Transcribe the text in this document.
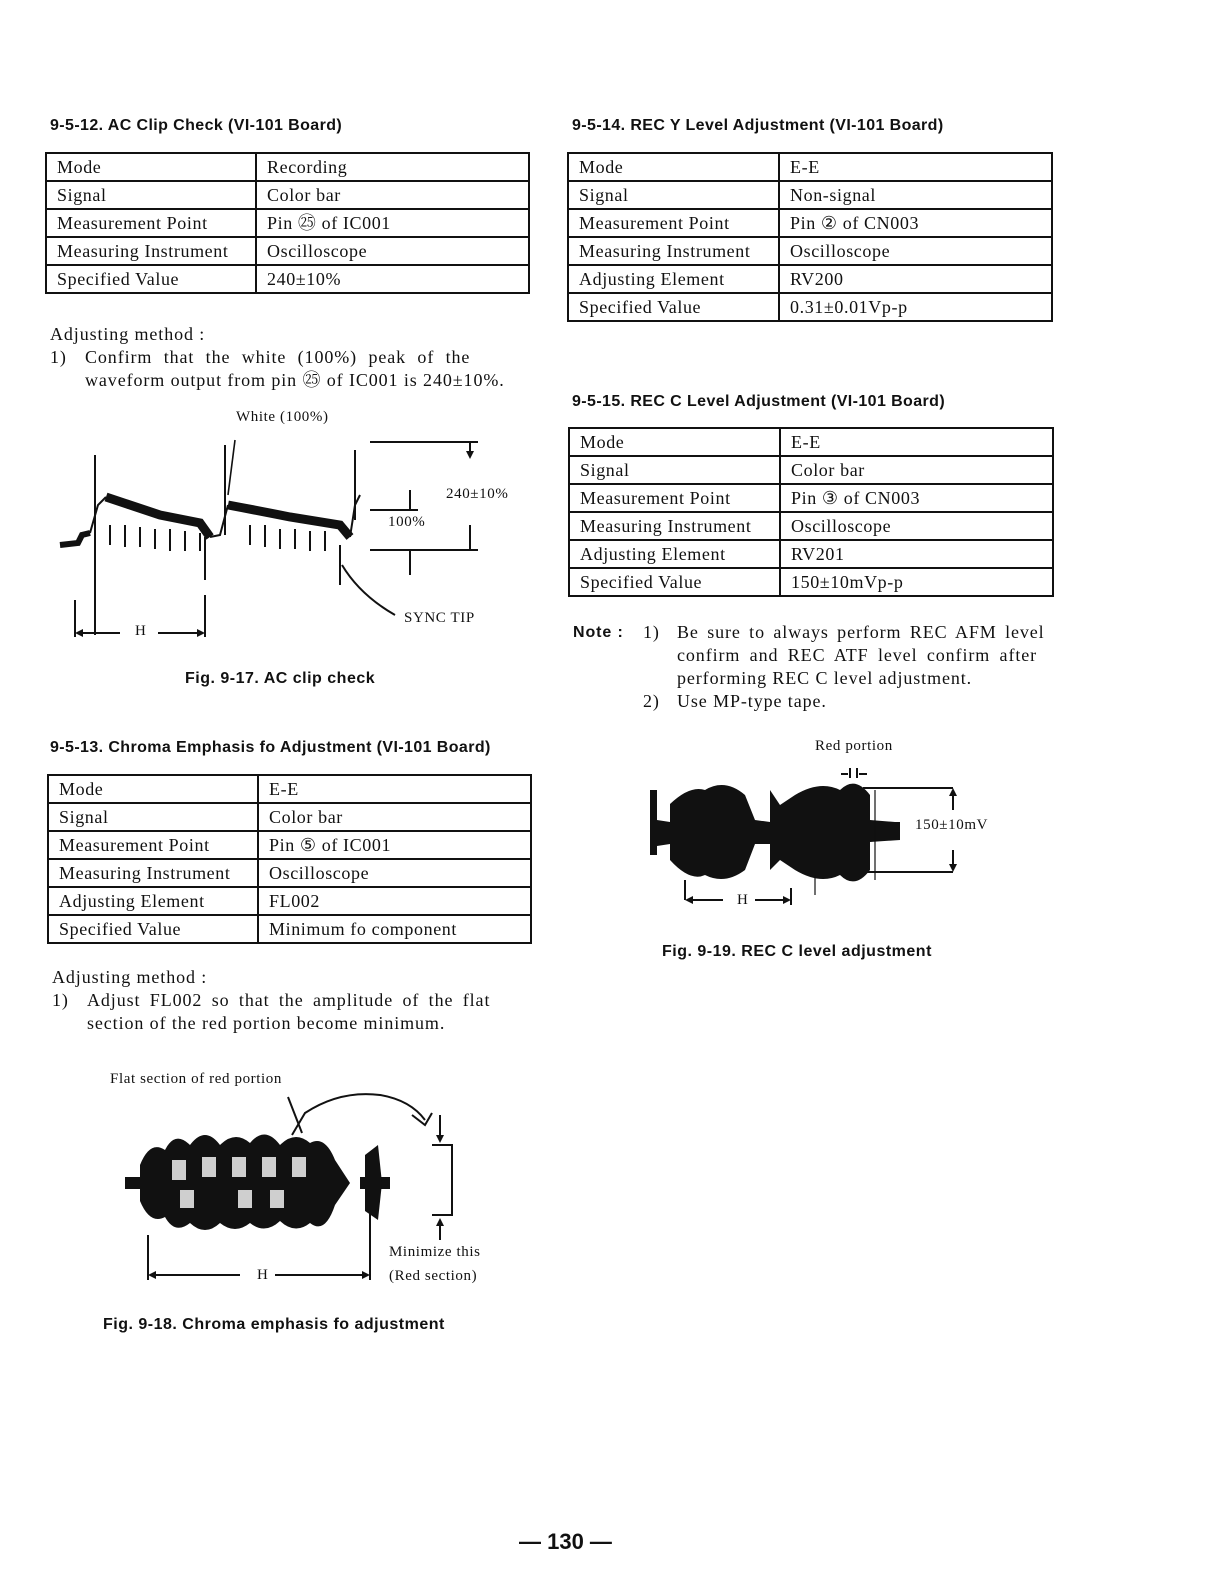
9-5-12. AC Clip Check (VI-101 Board)
Mode	Recording
Signal	Color bar
Measurement Point	Pin ㉕ of IC001
Measuring Instrument	Oscilloscope
Specified Value	240±10%
Adjusting method :
1) Confirm that the white (100%) peak of the
waveform output from pin ㉕ of IC001 is 240±10%.
White (100%)
240±10%
100%
SYNC TIP
H
Fig. 9-17. AC clip check
9-5-13. Chroma Emphasis fo Adjustment (VI-101 Board)
Mode	E-E
Signal	Color bar
Measurement Point	Pin ⑤ of IC001
Measuring Instrument	Oscilloscope
Adjusting Element	FL002
Specified Value	Minimum fo component
Adjusting method :
1) Adjust FL002 so that the amplitude of the flat
section of the red portion become minimum.
Flat section of red portion
H
Minimize this
(Red section)
Fig. 9-18. Chroma emphasis fo adjustment
9-5-14. REC Y Level Adjustment (VI-101 Board)
Mode	E-E
Signal	Non-signal
Measurement Point	Pin ② of CN003
Measuring Instrument	Oscilloscope
Adjusting Element	RV200
Specified Value	0.31±0.01Vp-p
9-5-15. REC C Level Adjustment (VI-101 Board)
Mode	E-E
Signal	Color bar
Measurement Point	Pin ③ of CN003
Measuring Instrument	Oscilloscope
Adjusting Element	RV201
Specified Value	150±10mVp-p
Note : 1) Be sure to always perform REC AFM level
confirm and REC ATF level confirm after
performing REC C level adjustment.
2) Use MP-type tape.
Red portion
150±10mV
H
Fig. 9-19. REC C level adjustment
— 130 —
